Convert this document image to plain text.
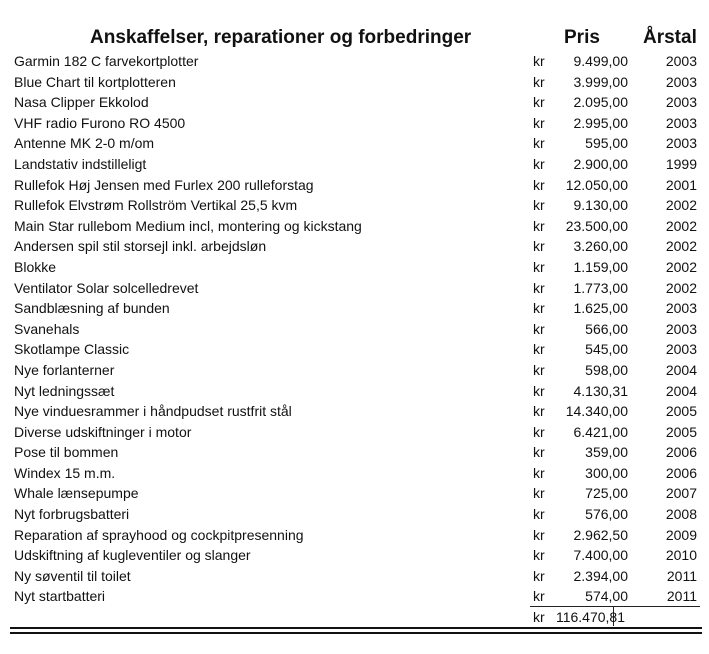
Anskaffelser, reparationer og forbedringer	Pris Årstal
Garmin 182 C farvekortplotter	kr 9.499,00	2003
Blue Chart til kortplotteren	kr 3.999,00	2003
Nasa Clipper Ekkolod	kr 2.095,00	2003
VHF radio Furono RO 4500	kr 2.995,00	2003
Antenne MK 2-0 m/om	kr	595,00	2003
Landstativ indstilleligt	kr 2.900,00	1999
Rullefok Høj Jensen med Furlex 200 rulleforstag	kr 12.050,00	2001
Rullefok Elvstrøm Rollström Vertikal 25,5 kvm	kr 9.130,00	2002
Main Star rullebom Medium incl, montering og kickstang	kr 23.500,00	2002
Andersen spil stil storsejl inkl. arbejdsløn	kr 3.260,00	2002
Blokke	kr 1.159,00	2002
Ventilator Solar solcelledrevet	kr 1.773,00	2002
Sandblæsning af bunden	kr 1.625,00	2003
Svanehals	kr	566,00	2003
Skotlampe Classic	kr	545,00	2003
Nye forlanterner	kr	598,00	2004
Nyt ledningssæt	kr 4.130,31	2004
Nye vinduesrammer i håndpudset rustfrit stål	kr 14.340,00	2005
Diverse udskiftninger i motor	kr 6.421,00	2005
Pose til bommen	kr	359,00	2006
Windex 15 m.m.	kr	300,00	2006
Whale lænsepumpe	kr	725,00	2007
Nyt forbrugsbatteri	kr	576,00	2008
Reparation af sprayhood og cockpitpresenning	kr 2.962,50	2009
Udskiftning af kugleventiler og slanger	kr 7.400,00	2010
Ny søventil til toilet	kr 2.394,00	2011
Nyt startbatteri	kr	574,00	2011
kr 116.470,81
